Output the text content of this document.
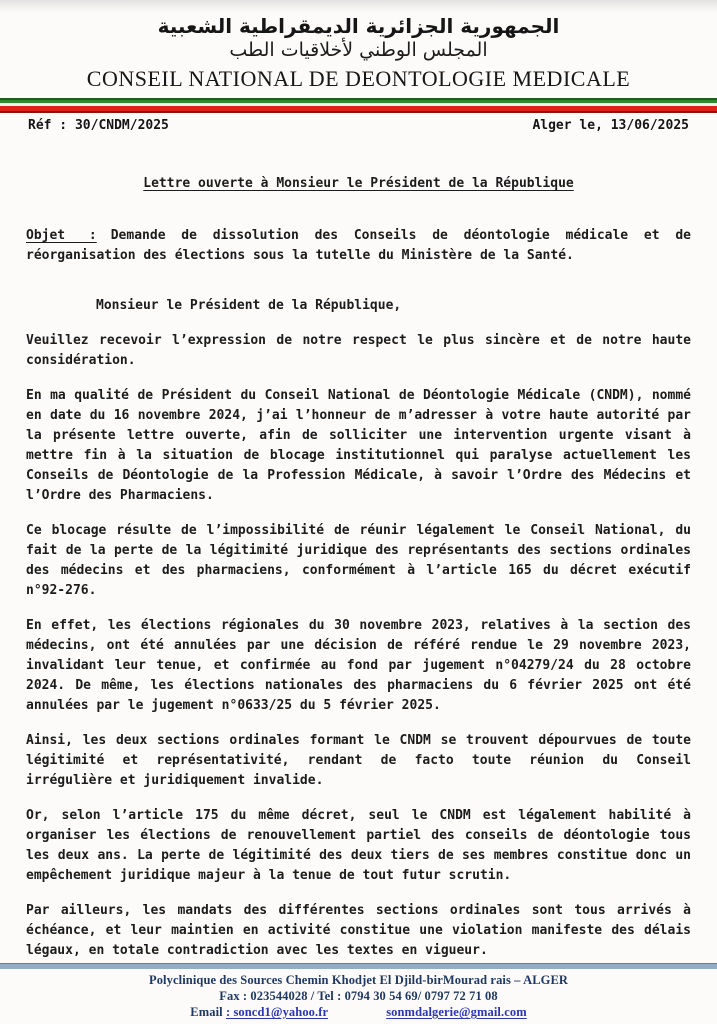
الجمهورية الجزائرية الديمقراطية الشعبية
المجلس الوطني لأخلاقيات الطب
CONSEIL NATIONAL DE DEONTOLOGIE MEDICALE
Réf : 30/CNDM/2025	Alger le, 13/06/2025
Lettre ouverte à Monsieur le Président de la République

Objet : Demande de dissolution des Conseils de déontologie médicale et de réorganisation des élections sous la tutelle du Ministère de la Santé.

Monsieur le Président de la République,

Veuillez recevoir l’expression de notre respect le plus sincère et de notre haute considération.

En ma qualité de Président du Conseil National de Déontologie Médicale (CNDM), nommé en date du 16 novembre 2024, j’ai l’honneur de m’adresser à votre haute autorité par la présente lettre ouverte, afin de solliciter une intervention urgente visant à mettre fin à la situation de blocage institutionnel qui paralyse actuellement les Conseils de Déontologie de la Profession Médicale, à savoir l’Ordre des Médecins et l’Ordre des Pharmaciens.

Ce blocage résulte de l’impossibilité de réunir légalement le Conseil National, du fait de la perte de la légitimité juridique des représentants des sections ordinales des médecins et des pharmaciens, conformément à l’article 165 du décret exécutif n°92-276.

En effet, les élections régionales du 30 novembre 2023, relatives à la section des médecins, ont été annulées par une décision de référé rendue le 29 novembre 2023, invalidant leur tenue, et confirmée au fond par jugement n°04279/24 du 28 octobre 2024. De même, les élections nationales des pharmaciens du 6 février 2025 ont été annulées par le jugement n°0633/25 du 5 février 2025.

Ainsi, les deux sections ordinales formant le CNDM se trouvent dépourvues de toute légitimité et représentativité, rendant de facto toute réunion du Conseil irrégulière et juridiquement invalide.

Or, selon l’article 175 du même décret, seul le CNDM est légalement habilité à organiser les élections de renouvellement partiel des conseils de déontologie tous les deux ans. La perte de légitimité des deux tiers de ses membres constitue donc un empêchement juridique majeur à la tenue de tout futur scrutin.

Par ailleurs, les mandats des différentes sections ordinales sont tous arrivés à échéance, et leur maintien en activité constitue une violation manifeste des délais légaux, en totale contradiction avec les textes en vigueur.

Polyclinique des Sources Chemin Khodjet El Djild-birMourad rais – ALGER
Fax : 023544028 / Tel : 0794 30 54 69/ 0797 72 71 08
Email : soncd1@yahoo.fr	sonmdalgerie@gmail.com
